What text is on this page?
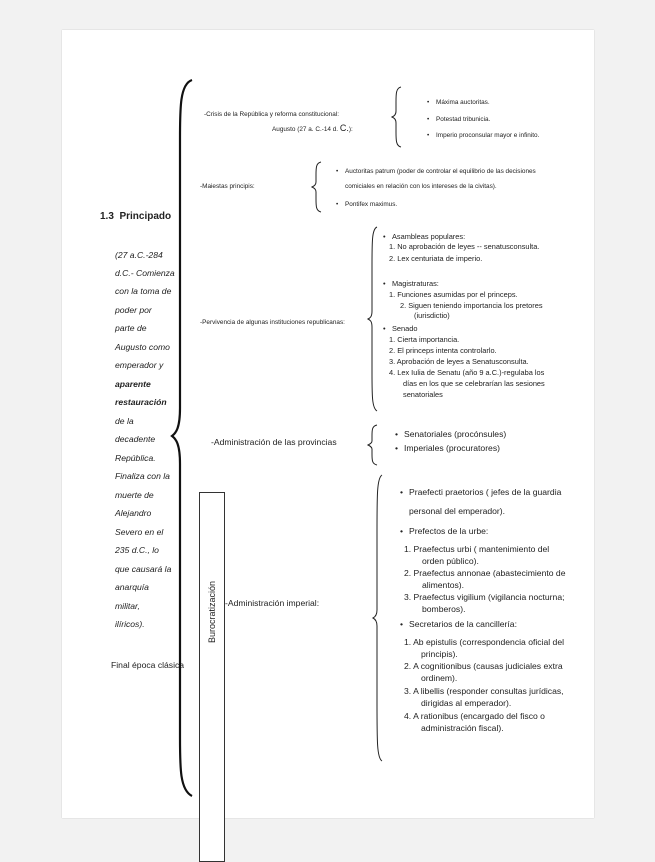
1.3 Principado
(27 a.C.-284
d.C.- Comienza
con la toma de
poder por
parte de
Augusto como
emperador y
aparente
restauración
de la
decadente
República.
Finaliza con la
muerte de
Alejandro
Severo en el
235 d.C., lo
que causará la
anarquía
militar,
ilíricos).
Final época clásica
-Crisis de la República y reforma constitucional:
Augusto (27 a. C.-14 d. C.):
• Máxima auctoritas.
• Potestad tribunicia.
• Imperio proconsular mayor e infinito.
-Maiestas principis:
• Auctoritas patrum (poder de controlar el equilibrio de las decisiones
comiciales en relación con los intereses de la civitas).
• Pontifex maximus.
-Pervivencia de algunas instituciones republicanas:
• Asambleas populares:
1. No aprobación de leyes -- senatusconsulta.
2. Lex centuriata de imperio.
• Magistraturas:
1. Funciones asumidas por el princeps.
2. Siguen teniendo importancia los pretores
(iurisdictio)
• Senado
1. Cierta importancia.
2. El princeps intenta controlarlo.
3. Aprobación de leyes a Senatusconsulta.
4. Lex Iulia de Senatu (año 9 a.C.)-regulaba los
días en los que se celebrarían las sesiones
senatoriales
-Administración de las provincias
• Senatoriales (procónsules)
• Imperiales (procuratores)
Burocratización -Administración imperial:
• Praefecti praetorios ( jefes de la guardia
personal del emperador).
• Prefectos de la urbe:
1. Praefectus urbi ( mantenimiento del
orden público).
2. Praefectus annonae (abastecimiento de
alimentos).
3. Praefectus vigilium (vigilancia nocturna;
bomberos).
• Secretarios de la cancillería:
1. Ab epistulis (correspondencia oficial del
principis).
2. A cognitionibus (causas judiciales extra
ordinem).
3. A libellis (responder consultas jurídicas,
dirigidas al emperador).
4. A rationibus (encargado del fisco o
administración fiscal).
